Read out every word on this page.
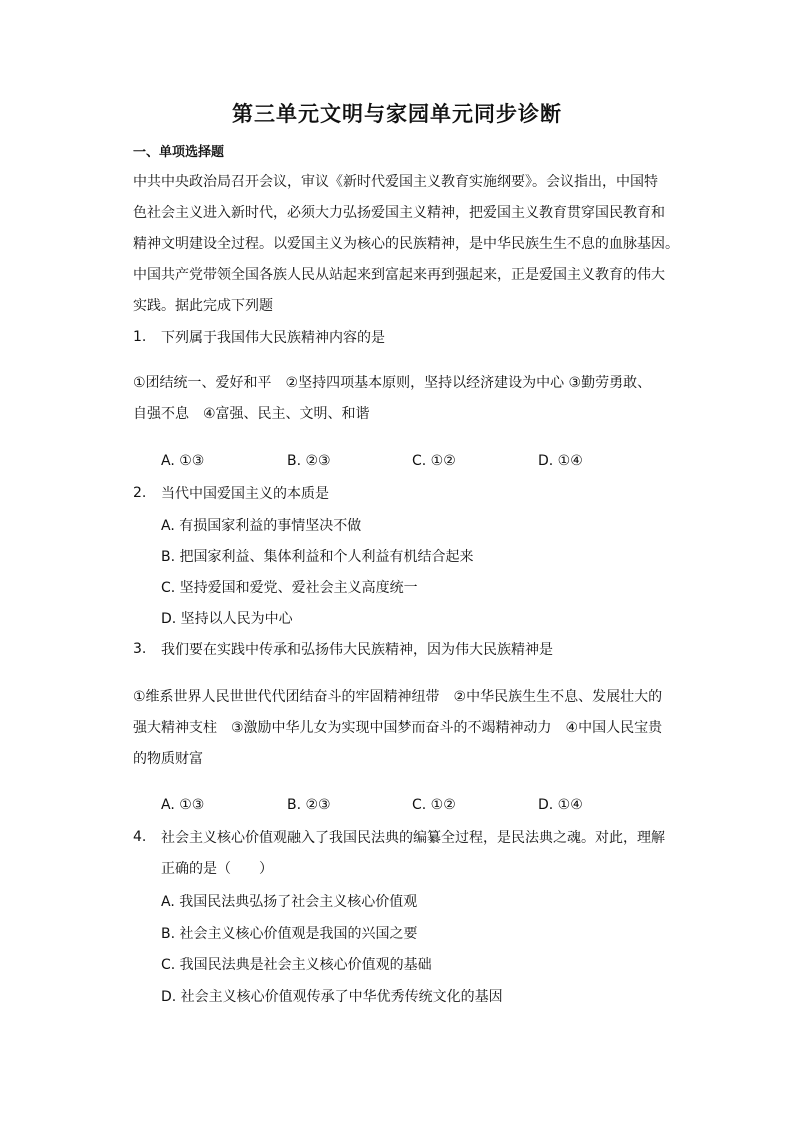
第三单元文明与家园单元同步诊断
一、单项选择题
中共中央政治局召开会议，审议《新时代爱国主义教育实施纲要》。会议指出，中国特
色社会主义进入新时代，必须大力弘扬爱国主义精神，把爱国主义教育贯穿国民教育和
精神文明建设全过程。以爱国主义为核心的民族精神，是中华民族生生不息的血脉基因。
中国共产党带领全国各族人民从站起来到富起来再到强起来，正是爱国主义教育的伟大
实践。据此完成下列题
1. 下列属于我国伟大民族精神内容的是
①团结统一、爱好和平　②坚持四项基本原则，坚持以经济建设为中心 ③勤劳勇敢、
自强不息　④富强、民主、文明、和谐
A. ①③	B. ②③	C. ①②	D. ①④
2. 当代中国爱国主义的本质是
A. 有损国家利益的事情坚决不做
B. 把国家利益、集体利益和个人利益有机结合起来
C. 坚持爱国和爱党、爱社会主义高度统一
D. 坚持以人民为中心
3. 我们要在实践中传承和弘扬伟大民族精神，因为伟大民族精神是
①维系世界人民世世代代团结奋斗的牢固精神纽带　②中华民族生生不息、发展壮大的
强大精神支柱　③激励中华儿女为实现中国梦而奋斗的不竭精神动力　④中国人民宝贵
的物质财富
A. ①③	B. ②③	C. ①②	D. ①④
4. 社会主义核心价值观融入了我国民法典的编纂全过程，是民法典之魂。对此，理解
正确的是（　　）
A. 我国民法典弘扬了社会主义核心价值观
B. 社会主义核心价值观是我国的兴国之要
C. 我国民法典是社会主义核心价值观的基础
D. 社会主义核心价值观传承了中华优秀传统文化的基因
